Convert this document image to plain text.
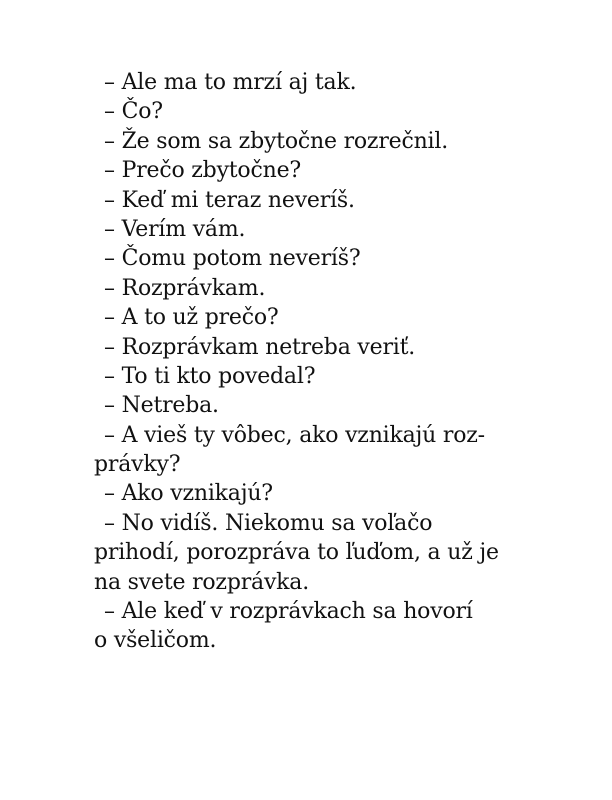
– Ale ma to mrzí aj tak.
– Čo?
– Že som sa zbytočne rozrečnil.
– Prečo zbytočne?
– Keď mi teraz neveríš.
– Verím vám.
– Čomu potom neveríš?
– Rozprávkam.
– A to už prečo?
– Rozprávkam netreba veriť.
– To ti kto povedal?
– Netreba.
– A vieš ty vôbec, ako vznikajú roz-
právky?
– Ako vznikajú?
– No vidíš. Niekomu sa voľačo
prihodí, porozpráva to ľuďom, a už je
na svete rozprávka.
– Ale keď v rozprávkach sa hovorí
o všeličom.
